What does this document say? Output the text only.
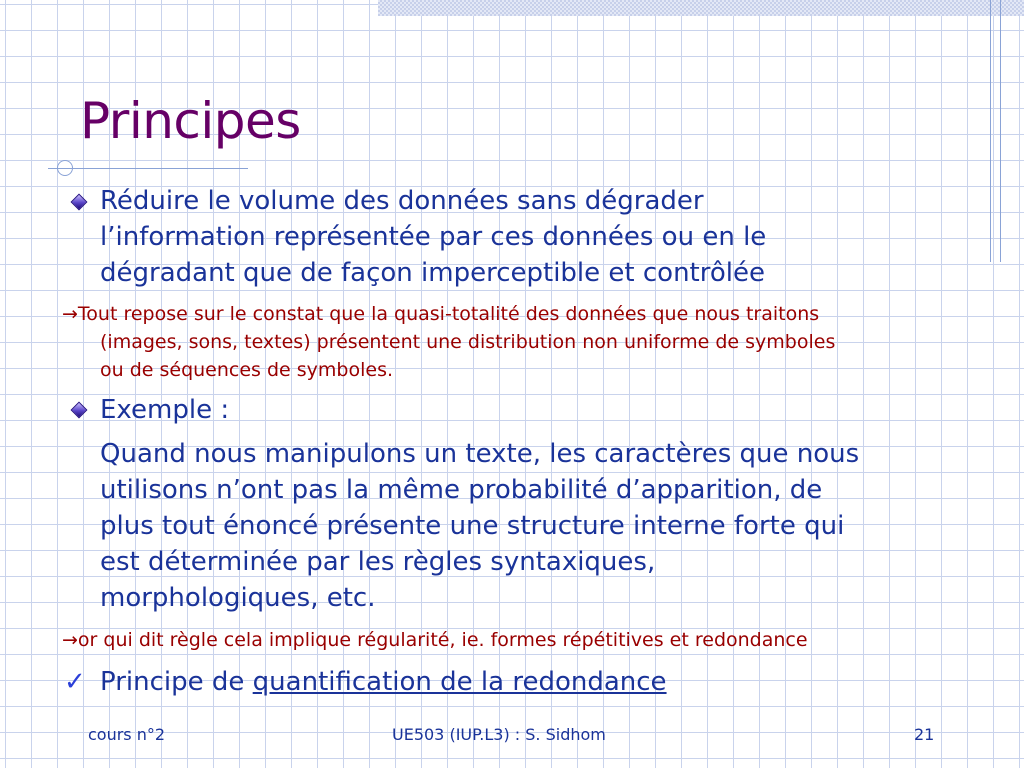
Principes
Réduire le volume des données sans dégrader
l’information représentée par ces données ou en le
dégradant que de façon imperceptible et contrôlée
→Tout repose sur le constat que la quasi-totalité des données que nous traitons
(images, sons, textes) présentent une distribution non uniforme de symboles
ou de séquences de symboles.
Exemple :
Quand nous manipulons un texte, les caractères que nous
utilisons n’ont pas la même probabilité d’apparition, de
plus tout énoncé présente une structure interne forte qui
est déterminée par les règles syntaxiques,
morphologiques, etc.
→or qui dit règle cela implique régularité, ie. formes répétitives et redondance
✓ Principe de quantification de la redondance
cours n°2	UE503 (IUP.L3) : S. Sidhom	21
